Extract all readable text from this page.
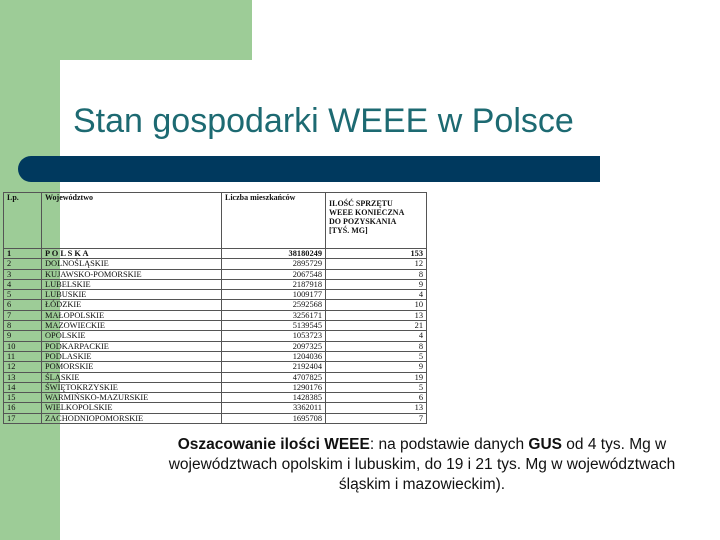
Stan gospodarki WEEE w Polsce
Lp.	Województwo	Liczba mieszkańców	ILOŚĆ SPRZĘTU
WEEE KONIECZNA
DO POZYSKANIA
[TYŚ. MG]
1	P O L S K A	38180249	153
2	DOLNOŚLĄSKIE	2895729	12
3	KUJAWSKO-POMORSKIE	2067548	8
4	LUBELSKIE	2187918	9
5	LUBUSKIE	1009177	4
6	ŁÓDZKIE	2592568	10
7	MAŁOPOLSKIE	3256171	13
8	MAZOWIECKIE	5139545	21
9	OPOLSKIE	1053723	4
10	PODKARPACKIE	2097325	8
11	PODLASKIE	1204036	5
12	POMORSKIE	2192404	9
13	ŚLĄSKIE	4707825	19
14	ŚWIĘTOKRZYSKIE	1290176	5
15	WARMIŃSKO-MAZURSKIE	1428385	6
16	WIELKOPOLSKIE	3362011	13
17	ZACHODNIOPOMORSKIE	1695708	7
Oszacowanie ilości WEEE: na podstawie danych GUS od 4 tys. Mg w województwach opolskim i lubuskim, do 19 i 21 tys. Mg w województwach śląskim i mazowieckim).
